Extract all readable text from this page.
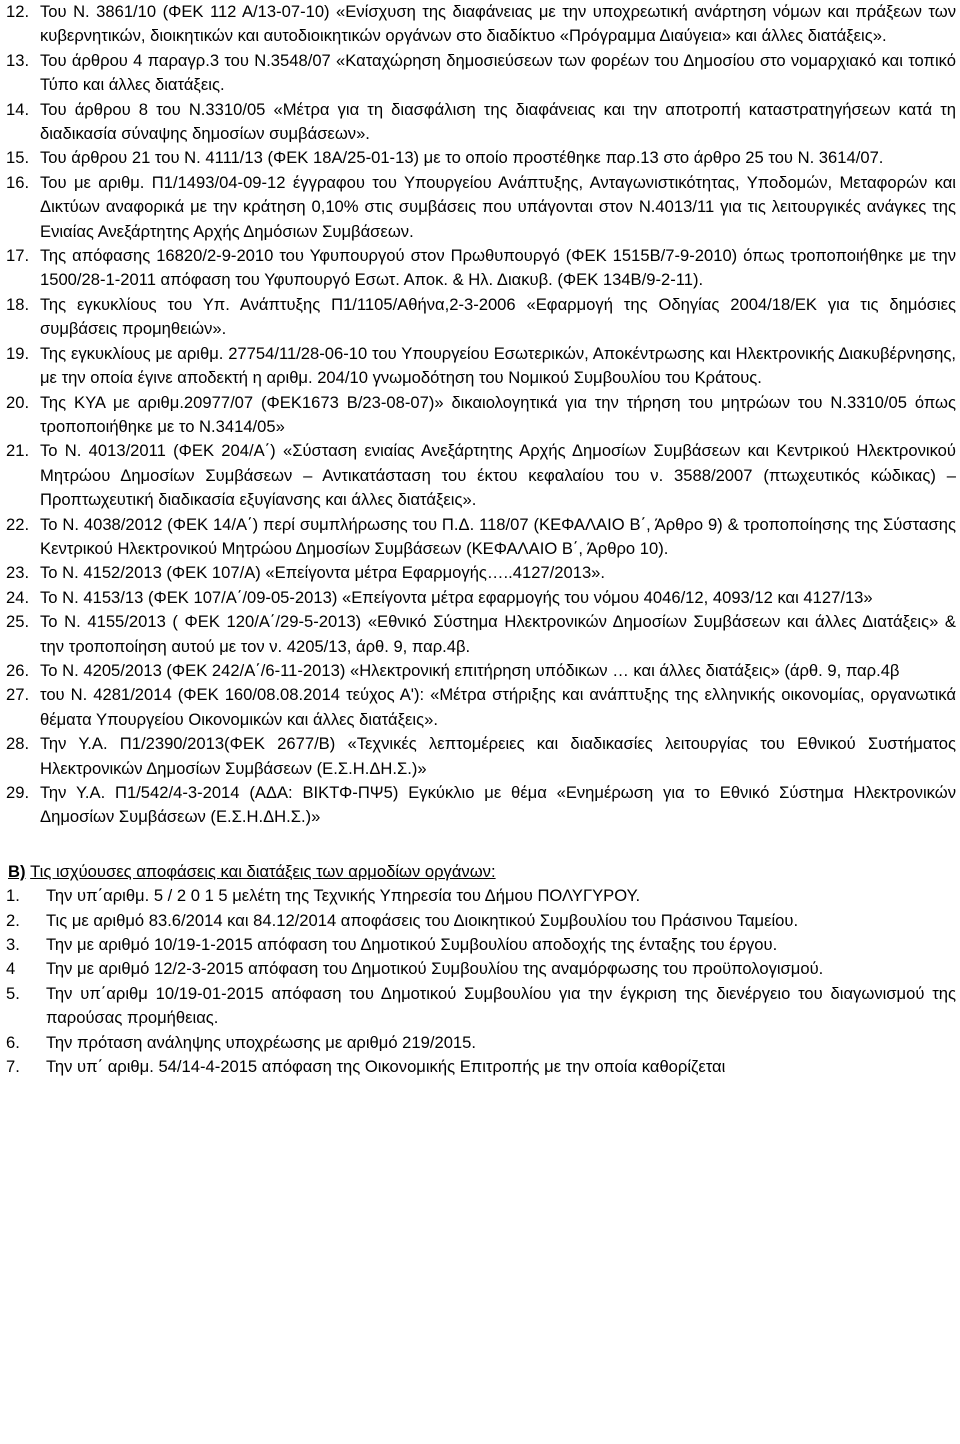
12. Του Ν. 3861/10 (ΦΕΚ 112 Α/13-07-10) «Ενίσχυση της διαφάνειας με την υποχρεωτική ανάρτηση νόμων και πράξεων των κυβερνητικών, διοικητικών και αυτοδιοικητικών οργάνων στο διαδίκτυο «Πρόγραμμα Διαύγεια» και άλλες διατάξεις».
13. Του άρθρου 4 παραγρ.3 του Ν.3548/07 «Καταχώρηση δημοσιεύσεων των φορέων του Δημοσίου στο νομαρχιακό και τοπικό Τύπο και άλλες διατάξεις.
14. Του άρθρου 8 του Ν.3310/05 «Μέτρα για τη διασφάλιση της διαφάνειας και την αποτροπή καταστρατηγήσεων κατά τη διαδικασία σύναψης δημοσίων συμβάσεων».
15. Του άρθρου 21 του Ν. 4111/13 (ΦΕΚ 18Α/25-01-13) με το οποίο προστέθηκε παρ.13 στο άρθρο 25 του Ν. 3614/07.
16. Του με αριθμ. Π1/1493/04-09-12 έγγραφου του Υπουργείου Ανάπτυξης, Ανταγωνιστικότητας, Υποδομών, Μεταφορών και Δικτύων αναφορικά με την κράτηση 0,10% στις συμβάσεις που υπάγονται στον Ν.4013/11 για τις λειτουργικές ανάγκες της Ενιαίας Ανεξάρτητης Αρχής Δημόσιων Συμβάσεων.
17. Της απόφασης 16820/2-9-2010 του Υφυπουργού στον Πρωθυπουργό (ΦΕΚ 1515Β/7-9-2010) όπως τροποποιήθηκε με την 1500/28-1-2011 απόφαση του Υφυπουργό Εσωτ. Αποκ. & Ηλ. Διακυβ. (ΦΕΚ 134Β/9-2-11).
18. Της εγκυκλίους του Υπ. Ανάπτυξης Π1/1105/Αθήνα,2-3-2006 «Εφαρμογή της Οδηγίας 2004/18/ΕΚ για τις δημόσιες συμβάσεις προμηθειών».
19. Της εγκυκλίους με αριθμ. 27754/11/28-06-10 του Υπουργείου Εσωτερικών, Αποκέντρωσης και Ηλεκτρονικής Διακυβέρνησης, με την οποία έγινε αποδεκτή η αριθμ. 204/10 γνωμοδότηση του Νομικού Συμβουλίου του Κράτους.
20. Της ΚΥΑ με αριθμ.20977/07 (ΦΕΚ1673 Β/23-08-07)» δικαιολογητικά για την τήρηση του μητρώων του Ν.3310/05 όπως τροποποιήθηκε με το Ν.3414/05»
21. Το Ν. 4013/2011 (ΦΕΚ 204/Α΄) «Σύσταση ενιαίας Ανεξάρτητης Αρχής Δημοσίων Συμβάσεων και Κεντρικού Ηλεκτρονικού Μητρώου Δημοσίων Συμβάσεων – Αντικατάσταση του έκτου κεφαλαίου του ν. 3588/2007 (πτωχευτικός κώδικας) – Προπτωχευτική διαδικασία εξυγίανσης και άλλες διατάξεις».
22. Το Ν. 4038/2012 (ΦΕΚ 14/Α΄) περί συμπλήρωσης του Π.Δ. 118/07 (ΚΕΦΑΛΑΙΟ Β΄, Άρθρο 9) & τροποποίησης της Σύστασης Κεντρικού Ηλεκτρονικού Μητρώου Δημοσίων Συμβάσεων (ΚΕΦΑΛΑΙΟ Β΄, Άρθρο 10).
23. Το Ν. 4152/2013 (ΦΕΚ 107/Α) «Επείγοντα μέτρα Εφαρμογής…..4127/2013».
24. Το Ν. 4153/13 (ΦΕΚ 107/Α΄/09-05-2013) «Επείγοντα μέτρα εφαρμογής του νόμου 4046/12, 4093/12 και 4127/13»
25. Το Ν. 4155/2013 ( ΦΕΚ 120/Α΄/29-5-2013) «Εθνικό Σύστημα Ηλεκτρονικών Δημοσίων Συμβάσεων και άλλες Διατάξεις» & την τροποποίηση αυτού με τον ν. 4205/13, άρθ. 9, παρ.4β.
26. Το Ν. 4205/2013 (ΦΕΚ 242/Α΄/6-11-2013) «Ηλεκτρονική επιτήρηση υπόδικων … και άλλες διατάξεις» (άρθ. 9, παρ.4β
27. του Ν. 4281/2014 (ΦΕΚ 160/08.08.2014 τεύχος Α'): «Μέτρα στήριξης και ανάπτυξης της ελληνικής οικονομίας, οργανωτικά θέματα Υπουργείου Οικονομικών και άλλες διατάξεις».
28. Την Υ.Α. Π1/2390/2013(ΦΕΚ 2677/Β) «Τεχνικές λεπτομέρειες και διαδικασίες λειτουργίας του Εθνικού Συστήματος Ηλεκτρονικών Δημοσίων Συμβάσεων (Ε.Σ.Η.ΔΗ.Σ.)»
29. Την Υ.Α. Π1/542/4-3-2014 (ΑΔΑ: ΒΙΚΤΦ-ΠΨ5) Εγκύκλιο με θέμα «Ενημέρωση για το Εθνικό Σύστημα Ηλεκτρονικών Δημοσίων Συμβάσεων (Ε.Σ.Η.ΔΗ.Σ.)»
B) Τις ισχύουσες αποφάσεις και διατάξεις των αρμοδίων οργάνων:
1.	Την υπ΄αριθμ. 5 / 2 0 1 5 μελέτη της Τεχνικής Υπηρεσία του Δήμου ΠΟΛΥΓΥΡΟΥ.
2.	Τις με αριθμό 83.6/2014 και 84.12/2014 αποφάσεις του Διοικητικού Συμβουλίου του Πράσινου Ταμείου.
3.	Την με αριθμό 10/19-1-2015 απόφαση του Δημοτικού Συμβουλίου αποδοχής της ένταξης του έργου.
4	Την με αριθμό 12/2-3-2015 απόφαση του Δημοτικού Συμβουλίου της αναμόρφωσης του προϋπολογισμού.
5.	Την υπ΄αριθμ 10/19-01-2015 απόφαση του Δημοτικού Συμβουλίου για την έγκριση της διενέργειο του διαγωνισμού της παρούσας προμήθειας.
6.	Την πρόταση ανάληψης υποχρέωσης με αριθμό 219/2015.
7.	Την υπ΄ αριθμ. 54/14-4-2015 απόφαση της Οικονομικής Επιτροπής με την οποία καθορίζεται
